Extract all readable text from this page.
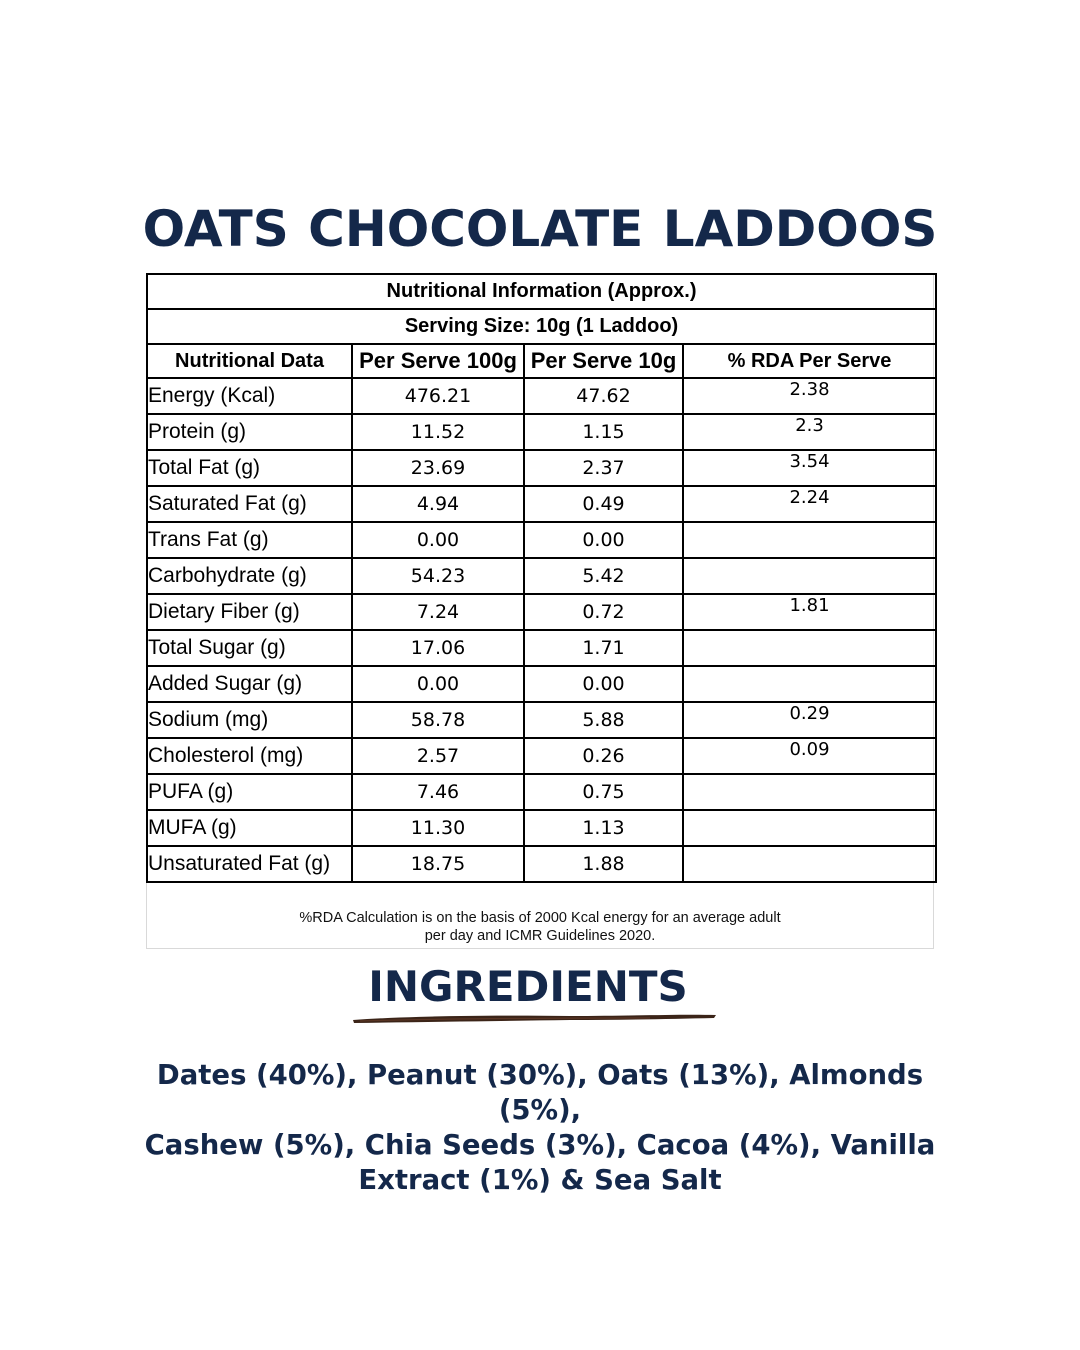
OATS CHOCOLATE LADDOOS
Nutritional Information (Approx.)			
Serving Size: 10g (1 Laddoo)			
Nutritional Data	Per Serve 100g	Per Serve 10g	% RDA Per Serve
Energy (Kcal)	476.21	47.62	2.38
Protein (g)	11.52	1.15	2.3
Total Fat (g)	23.69	2.37	3.54
Saturated Fat (g)	4.94	0.49	2.24
Trans Fat (g)	0.00	0.00	
Carbohydrate (g)	54.23	5.42	
Dietary Fiber (g)	7.24	0.72	1.81
Total Sugar (g)	17.06	1.71	
Added Sugar (g)	0.00	0.00	
Sodium (mg)	58.78	5.88	0.29
Cholesterol (mg)	2.57	0.26	0.09
PUFA (g)	7.46	0.75	
MUFA (g)	11.30	1.13	
Unsaturated Fat (g)	18.75	1.88	
%RDA Calculation is on the basis of 2000 Kcal energy for an average adult
per day and ICMR Guidelines 2020.
INGREDIENTS
Dates (40%), Peanut (30%), Oats (13%), Almonds (5%),
Cashew (5%), Chia Seeds (3%), Cacoa (4%), Vanilla
Extract (1%) & Sea Salt
